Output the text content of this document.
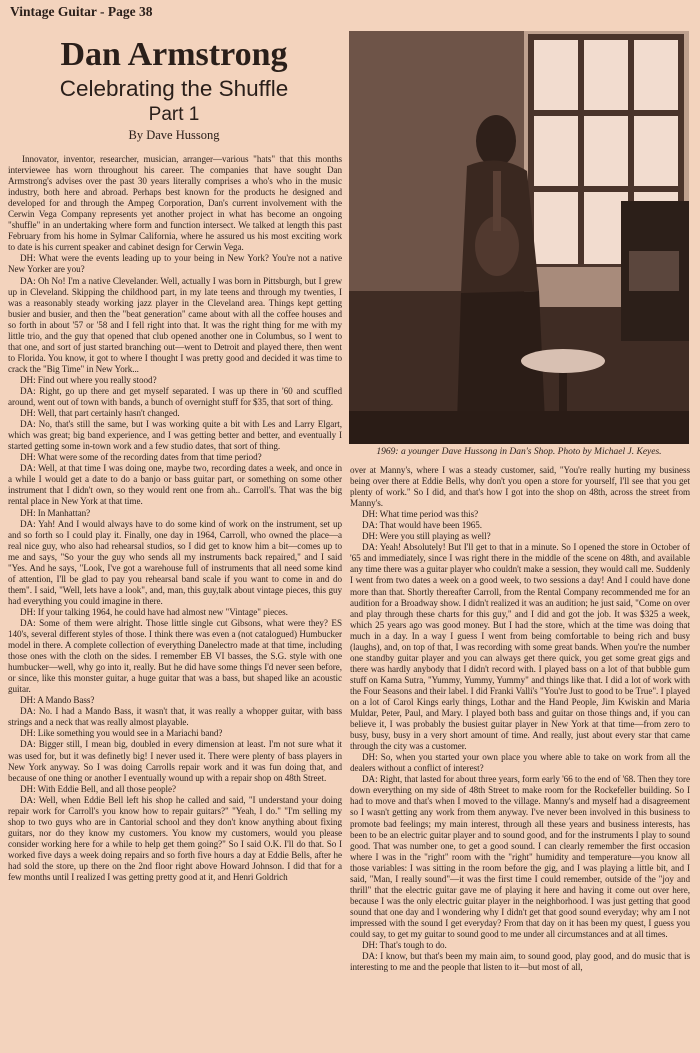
Vintage Guitar - Page 38
Dan Armstrong
Celebrating the Shuffle
Part 1
By Dave Hussong

Innovator, inventor, researcher, musician, arranger—various "hats" that this months interviewee has worn throughout his career. The companies that have sought Dan Armstrong's advises over the past 30 years literally comprises a who's who in the music industry, both here and abroad. Perhaps best known for the products he designed and developed for and through the Ampeg Corporation, Dan's current involvement with the Cerwin Vega Company represents yet another project in what has become an ongoing "shuffle" in an undertaking where form and function intersect. We talked at length this past February from his home in Sylmar California, where he assured us his most exciting work to date is his current speaker and cabinet design for Cerwin Vega.

DH: What were the events leading up to your being in New York? You're not a native New Yorker are you?

DA: Oh No! I'm a native Clevelander. Well, actually I was born in Pittsburgh, but I grew up in Cleveland. Skipping the childhood part, in my late teens and through my twenties, I was a reasonably steady working jazz player in the Cleveland area. Things kept getting busier and busier, and then the "beat generation" came about with all the coffee houses and so forth in about '57 or '58 and I fell right into that. It was the right thing for me with my little trio, and the guy that opened that club opened another one in Columbus, so I went to that one, and sort of just started branching out—went to Detroit and played there, then went to Florida. You know, it got to where I thought I was pretty good and decided it was time to crack the "Big Time" in New York...

DH: Find out where you really stood?

DA: Right, go up there and get myself separated. I was up there in '60 and scuffled around, went out of town with bands, a bunch of overnight stuff for $35, that sort of thing.

DH: Well, that part certainly hasn't changed.

DA: No, that's still the same, but I was working quite a bit with Les and Larry Elgart, which was great; big band experience, and I was getting better and better, and eventually I started getting some in-town work and a few studio dates, that sort of thing.

DH: What were some of the recording dates from that time period?

DA: Well, at that time I was doing one, maybe two, recording dates a week, and once in a while I would get a date to do a banjo or bass guitar part, or something on some other instrument that I didn't own, so they would rent one from ah.. Carroll's. That was the big rental place in New York at that time.

DH: In Manhattan?

DA: Yah! And I would always have to do some kind of work on the instrument, set up and so forth so I could play it. Finally, one day in 1964, Carroll, who owned the place—a real nice guy, who also had rehearsal studios, so I did get to know him a bit—comes up to me and says, "So your the guy who sends all my instruments back repaired," and I said "Yes. And he says, "Look, I've got a warehouse full of instruments that all need some kind of attention, I'll be glad to pay you rehearsal band scale if you want to come in and do them". I said, "Well, lets have a look", and, man, this guy,talk about vintage pieces, this guy had everything you could imagine in there.

DH: If your talking 1964, he could have had almost new "Vintage" pieces.

DA: Some of them were alright. Those little single cut Gibsons, what were they? ES 140's, several different styles of those. I think there was even a (not catalogued) Humbucker model in there. A complete collection of everything Danelectro made at that time, including those ones with the cloth on the sides. I remember EB VI basses, the S.G. style with one humbucker—well, why go into it, really. But he did have some things I'd never seen before, or since, like this monster guitar, a huge guitar that was a bass, but shaped like an acoustic guitar.

DH: A Mando Bass?

DA: No. I had a Mando Bass, it wasn't that, it was really a whopper guitar, with bass strings and a neck that was really almost playable.

DH: Like something you would see in a Mariachi band?

DA: Bigger still, I mean big, doubled in every dimension at least. I'm not sure what it was used for, but it was definetly big! I never used it. There were plenty of bass players in New York anyway. So I was doing Carrolls repair work and it was fun doing that, and because of one thing or another I eventually wound up with a repair shop on 48th Street.

DH: With Eddie Bell, and all those people?

DA: Well, when Eddie Bell left his shop he called and said, "I understand your doing repair work for Carroll's you know how to repair guitars?" "Yeah, I do." "I'm selling my shop to two guys who are in Cantorial school and they don't know anything about fixing guitars, nor do they know my customers. You know my customers, would you please consider working here for a while to help get them going?" So I said O.K. I'll do that. So I worked five days a week doing repairs and so forth five hours a day at Eddie Bells, after he had sold the store, up there on the 2nd floor right above Howard Johnson. I did that for a few months until I realized I was getting pretty good at it, and Henri Goldrich

1969: a younger Dave Hussong in Dan's Shop. Photo by Michael J. Keyes.

over at Manny's, where I was a steady customer, said, "You're really hurting my business being over there at Eddie Bells, why don't you open a store for yourself, I'll see that you get plenty of work." So I did, and that's how I got into the shop on 48th, across the street from Manny's.

DH: What time period was this?

DA: That would have been 1965.

DH: Were you still playing as well?

DA: Yeah! Absolutely! But I'll get to that in a minute. So I opened the store in October of '65 and immediately, since I was right there in the middle of the scene on 48th, and available any time there was a guitar player who couldn't make a session, they would call me. Suddenly I went from two dates a week on a good week, to two sessions a day! And I could have done more than that. Shortly thereafter Carroll, from the Rental Company recommended me for an audition for a Broadway show. I didn't realized it was an audition; he just said, "Come on over and play through these charts for this guy," and I did and got the job. It was $325 a week, which 25 years ago was good money. But I had the store, which at the time was doing that much in a day. In a way I guess I went from being comfortable to being rich and busy (laughs), and, on top of that, I was recording with some great bands. When you're the number one standby guitar player and you can always get there quick, you get some great gigs and there was hardly anybody that I didn't record with. I played bass on a lot of that bubble gum stuff on Kama Sutra, "Yummy, Yummy, Yummy" and things like that. I did a lot of work with the Four Seasons and their label. I did Franki Valli's "You're Just to good to be True". I played on a lot of Carol Kings early things, Lothar and the Hand People, Jim Kwiskin and Maria Muldar, Peter, Paul, and Mary. I played both bass and guitar on those things and, if you can believe it, I was probably the busiest guitar player in New York at that time—from zero to busy, busy, busy in a very short amount of time. And really, just about every star that came through the city was a customer.

DH: So, when you started your own place you where able to take on work from all the dealers without a conflict of interest?

DA: Right, that lasted for about three years, form early '66 to the end of '68. Then they tore down everything on my side of 48th Street to make room for the Rockefeller building. So I had to move and that's when I moved to the village. Manny's and myself had a disagreement so I wasn't getting any work from them anyway. I've never been involved in this business to promote bad feelings; my main interest, through all these years and business interests, has been to be an electric guitar player and to sound good, and for the instruments I play to sound good. That was number one, to get a good sound. I can clearly remember the first occasion where I was in the "right" room with the "right" humidity and temperature—you know all those variables: I was sitting in the room before the gig, and I was playing a little bit, and I said, "Man, I really sound"—it was the first time I could remember, outside of the "joy and thrill" that the electric guitar gave me of playing it here and having it come out over here, because I was the only electric guitar player in the neighborhood. I was just getting that good sound that one day and I wondering why I didn't get that good sound everyday; why am I not impressed with the sound I get everyday? From that day on it has been my quest, I guess you could say, to get my guitar to sound good to me under all circumstances and at all times.

DH: That's tough to do.

DA: I know, but that's been my main aim, to sound good, play good, and do music that is interesting to me and the people that listen to it—but most of all,
